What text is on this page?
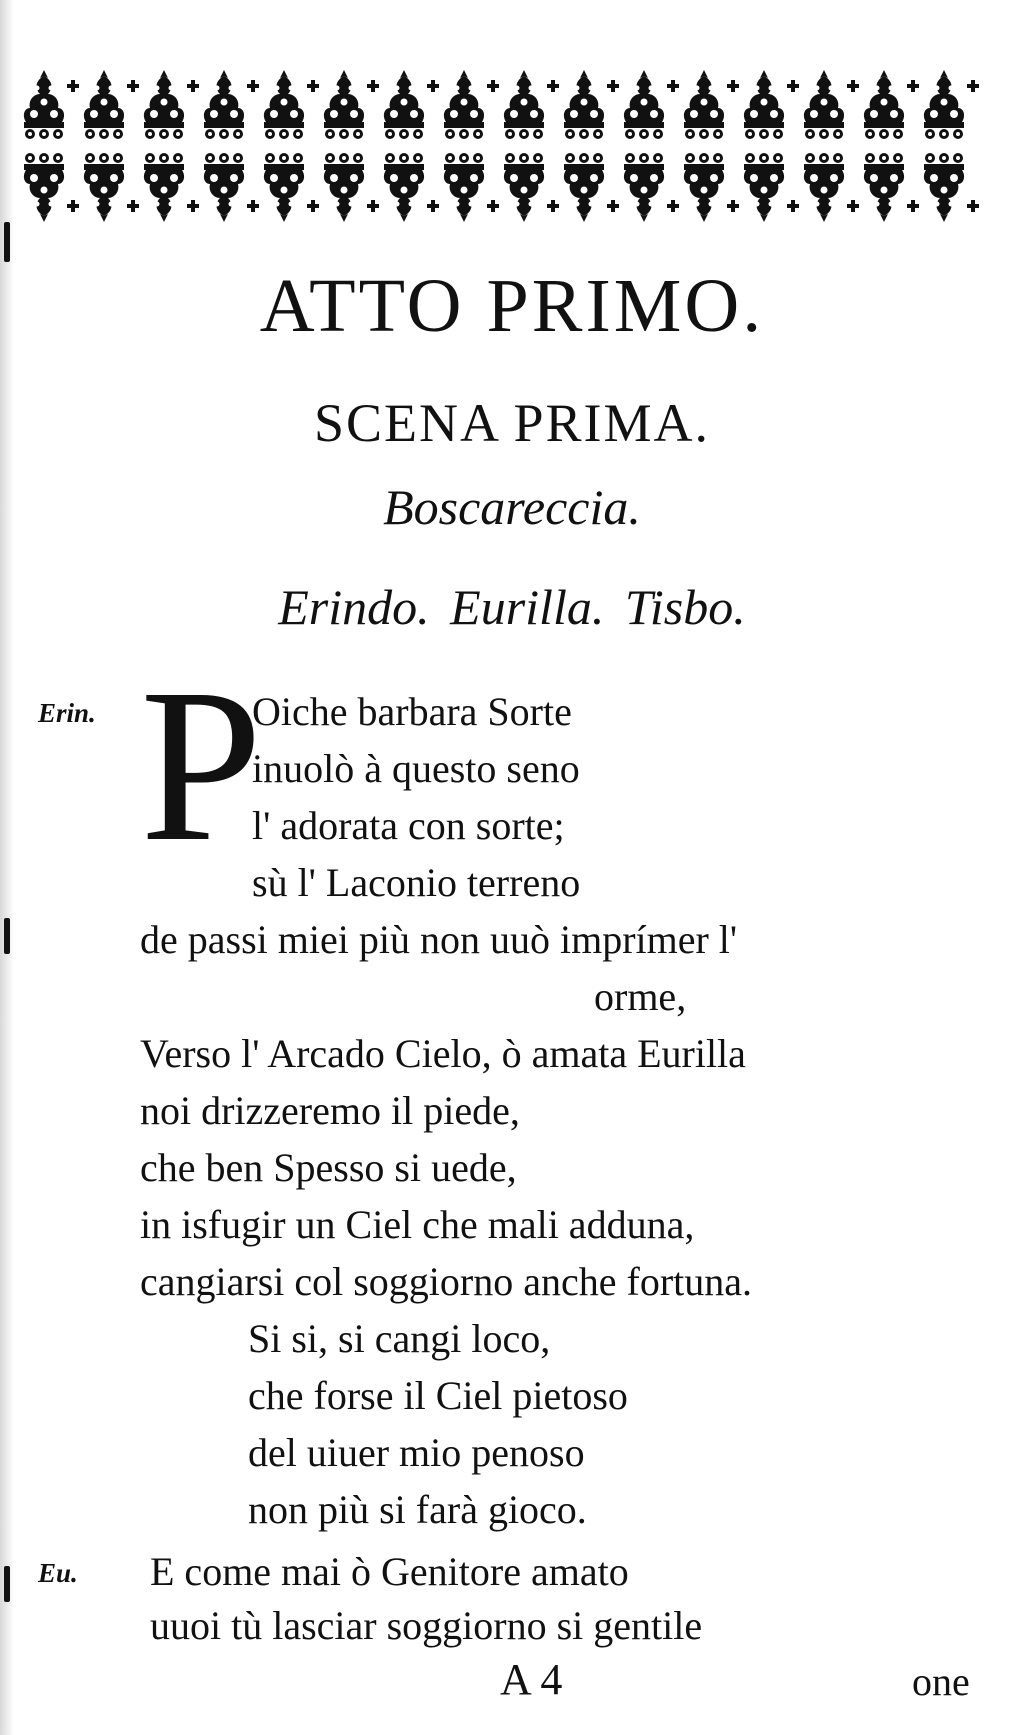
ATTO PRIMO.
SCENA PRIMA.
Boscareccia.
Erindo. Eurilla. Tisbo.
Erin. P
Oiche barbara Sorte
inuolò à questo seno
l' adorata con sorte;
sù l' Laconio terreno
de passi miei più non uuò imprímer l'
orme,
Verso l' Arcado Cielo, ò amata Eurilla
noi drizzeremo il piede,
che ben Spesso si uede,
in isfugir un Ciel che mali adduna,
cangiarsi col soggiorno anche fortuna.
Si si, si cangi loco,
che forse il Ciel pietoso
del uiuer mio penoso
non più si farà gioco.
Eu. E come mai ò Genitore amato
uuoi tù lasciar soggiorno si gentile
A 4	one
